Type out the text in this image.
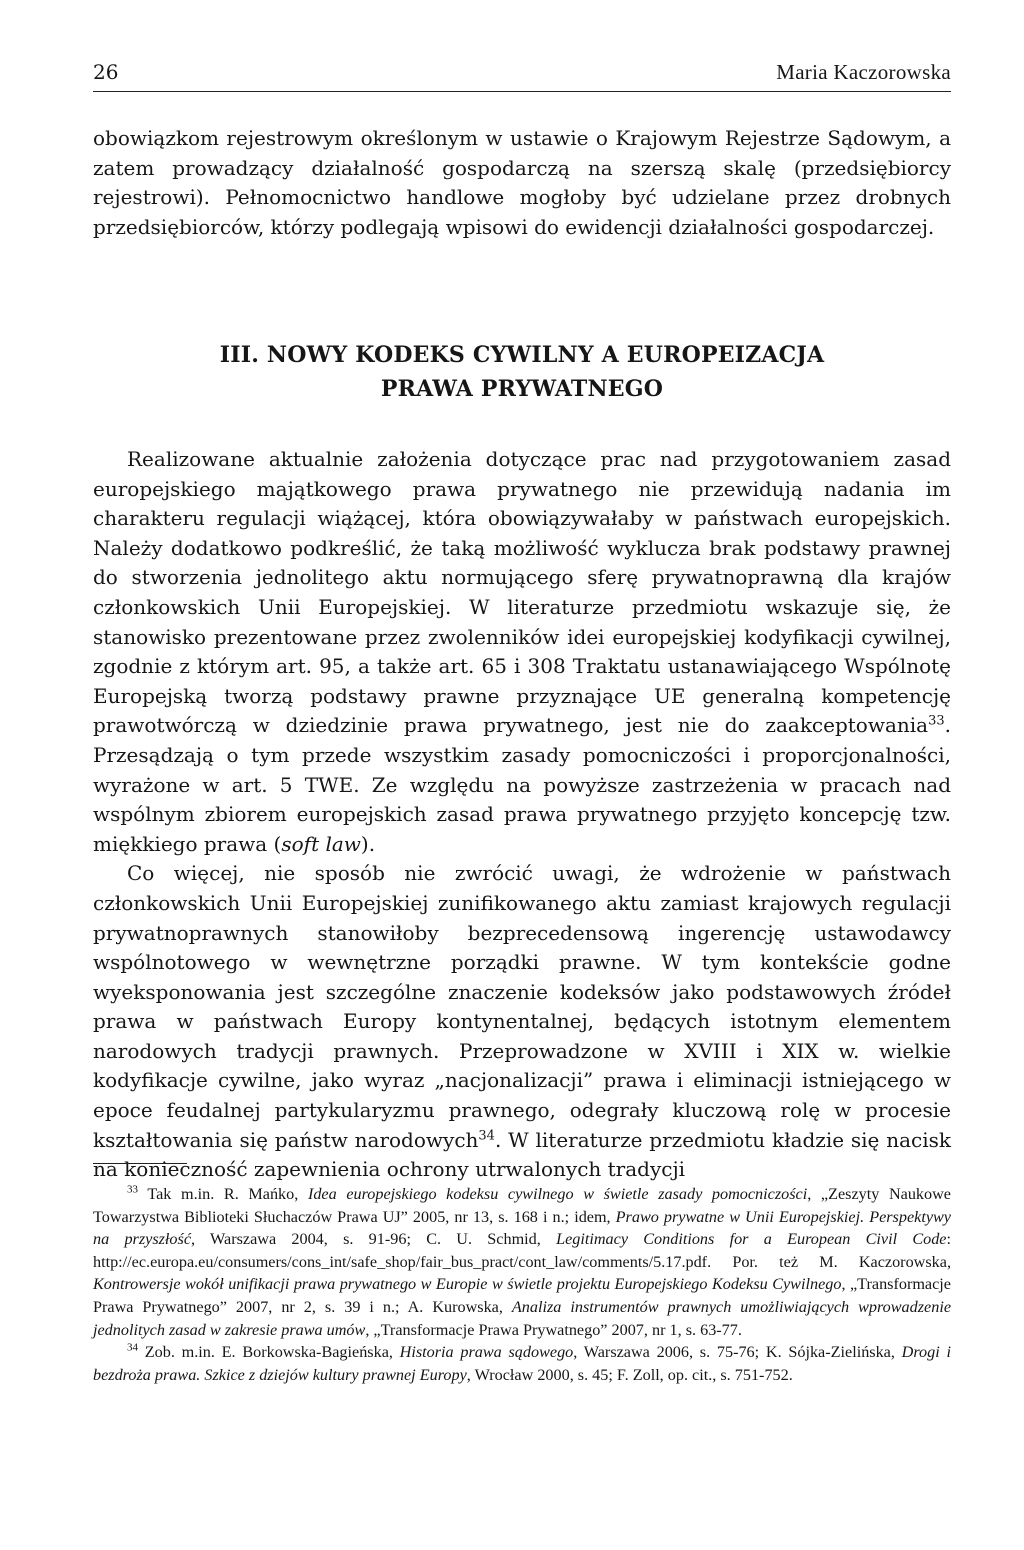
26	Maria Kaczorowska

obowiązkom rejestrowym określonym w ustawie o Krajowym Rejestrze Sądowym, a zatem prowadzący działalność gospodarczą na szerszą skalę (przedsiębiorcy rejestrowi). Pełnomocnictwo handlowe mogłoby być udzielane przez drobnych przedsiębiorców, którzy podlegają wpisowi do ewidencji działalności gospodarczej.

III. NOWY KODEKS CYWILNY A EUROPEIZACJA
PRAWA PRYWATNEGO

Realizowane aktualnie założenia dotyczące prac nad przygotowaniem zasad europejskiego majątkowego prawa prywatnego nie przewidują nadania im charakteru regulacji wiążącej, która obowiązywałaby w państwach europejskich. Należy dodatkowo podkreślić, że taką możliwość wyklucza brak podstawy prawnej do stworzenia jednolitego aktu normującego sferę prywatnoprawną dla krajów członkowskich Unii Europejskiej. W literaturze przedmiotu wskazuje się, że stanowisko prezentowane przez zwolenników idei europejskiej kodyfikacji cywilnej, zgodnie z którym art. 95, a także art. 65 i 308 Traktatu ustanawiającego Wspólnotę Europejską tworzą podstawy prawne przyznające UE generalną kompetencję prawotwórczą w dziedzinie prawa prywatnego, jest nie do zaakceptowania$^{33}$. Przesądzają o tym przede wszystkim zasady pomocniczości i proporcjonalności, wyrażone w art. 5 TWE. Ze względu na powyższe zastrzeżenia w pracach nad wspólnym zbiorem europejskich zasad prawa prywatnego przyjęto koncepcję tzw. miękkiego prawa (soft law).

Co więcej, nie sposób nie zwrócić uwagi, że wdrożenie w państwach członkowskich Unii Europejskiej zunifikowanego aktu zamiast krajowych regulacji prywatnoprawnych stanowiłoby bezprecedensową ingerencję ustawodawcy wspólnotowego w wewnętrzne porządki prawne. W tym kontekście godne wyeksponowania jest szczególne znaczenie kodeksów jako podstawowych źródeł prawa w państwach Europy kontynentalnej, będących istotnym elementem narodowych tradycji prawnych. Przeprowadzone w XVIII i XIX w. wielkie kodyfikacje cywilne, jako wyraz „nacjonalizacji” prawa i eliminacji istniejącego w epoce feudalnej partykularyzmu prawnego, odegrały kluczową rolę w procesie kształtowania się państw narodowych$^{34}$. W literaturze przedmiotu kładzie się nacisk na konieczność zapewnienia ochrony utrwalonych tradycji

$^{33}$ Tak m.in. R. Mańko, Idea europejskiego kodeksu cywilnego w świetle zasady pomocniczości, „Zeszyty Naukowe Towarzystwa Biblioteki Słuchaczów Prawa UJ” 2005, nr 13, s. 168 i n.; idem, Prawo prywatne w Unii Europejskiej. Perspektywy na przyszłość, Warszawa 2004, s. 91-96; C. U. Schmid, Legitimacy Conditions for a European Civil Code: http://ec.europa.eu/consumers/cons_int/safe_shop/fair_bus_pract/cont_law/comments/5.17.pdf. Por. też M. Kaczorowska, Kontrowersje wokół unifikacji prawa prywatnego w Europie w świetle projektu Europejskiego Kodeksu Cywilnego, „Transformacje Prawa Prywatnego” 2007, nr 2, s. 39 i n.; A. Kurowska, Analiza instrumentów prawnych umożliwiających wprowadzenie jednolitych zasad w zakresie prawa umów, „Transformacje Prawa Prywatnego” 2007, nr 1, s. 63-77.

$^{34}$ Zob. m.in. E. Borkowska-Bagieńska, Historia prawa sądowego, Warszawa 2006, s. 75-76; K. Sójka-Zielińska, Drogi i bezdroża prawa. Szkice z dziejów kultury prawnej Europy, Wrocław 2000, s. 45; F. Zoll, op. cit., s. 751-752.
